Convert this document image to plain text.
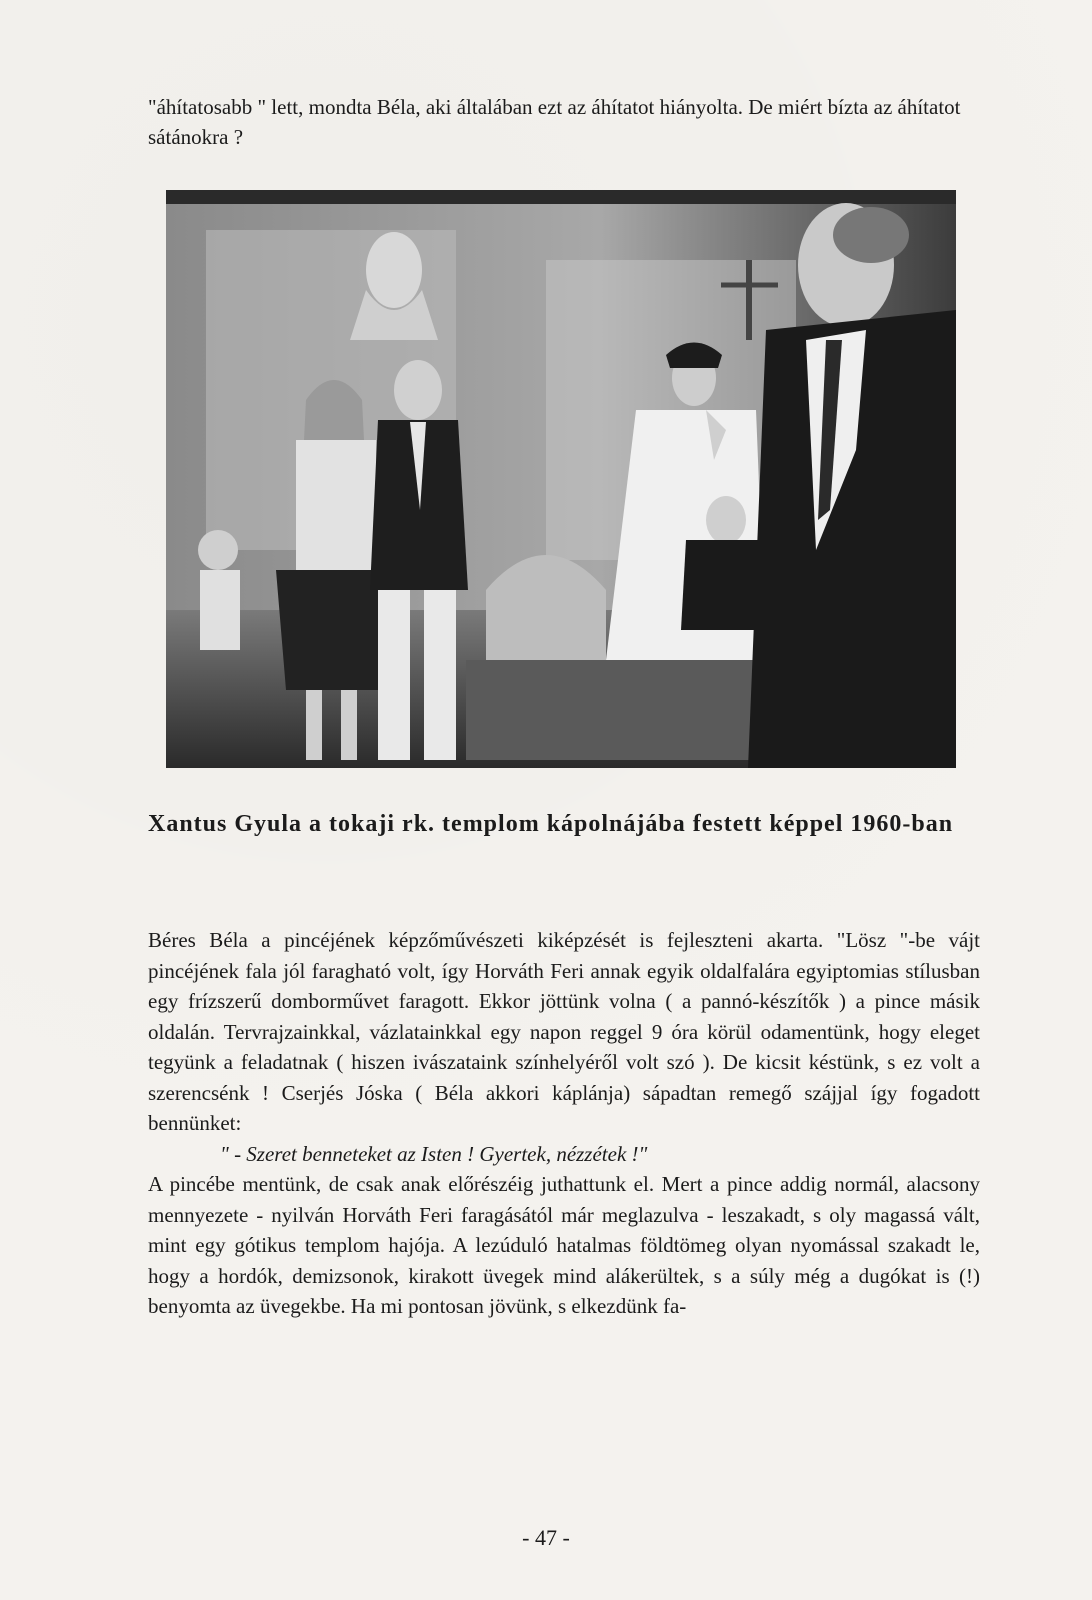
"áhítatosabb " lett, mondta Béla, aki általában ezt az áhítatot hiányolta. De miért bízta az áhítatot sátánokra ?

Xantus Gyula a tokaji rk. templom kápolnájába festett képpel 1960-ban

Béres Béla a pincéjének képzőművészeti kiképzését is fejleszteni akarta. "Lösz "-be vájt pincéjének fala jól faragható volt, így Horváth Feri annak egyik oldalfalára egyiptomias stílusban egy frízszerű domborművet faragott. Ekkor jöttünk volna ( a pannó-készítők ) a pince másik oldalán. Tervrajzainkkal, vázlatainkkal egy napon reggel 9 óra körül odamentünk, hogy eleget tegyünk a feladatnak ( hiszen ivászataink színhelyéről volt szó ). De kicsit késtünk, s ez volt a szerencsénk ! Cserjés Jóska ( Béla akkori káplánja) sápadtan remegő szájjal így fogadott bennünket:

" - Szeret benneteket az Isten ! Gyertek, nézzétek !"

A pincébe mentünk, de csak anak előrészéig juthattunk el. Mert a pince addig normál, alacsony mennyezete - nyilván Horváth Feri faragásától már meglazulva - leszakadt, s oly magassá vált, mint egy gótikus templom hajója. A lezúduló hatalmas földtömeg olyan nyomással szakadt le, hogy a hordók, demizsonok, kirakott üvegek mind alákerültek, s a súly még a dugókat is (!) benyomta az üvegekbe. Ha mi pontosan jövünk, s elkezdünk fa-

- 47 -
